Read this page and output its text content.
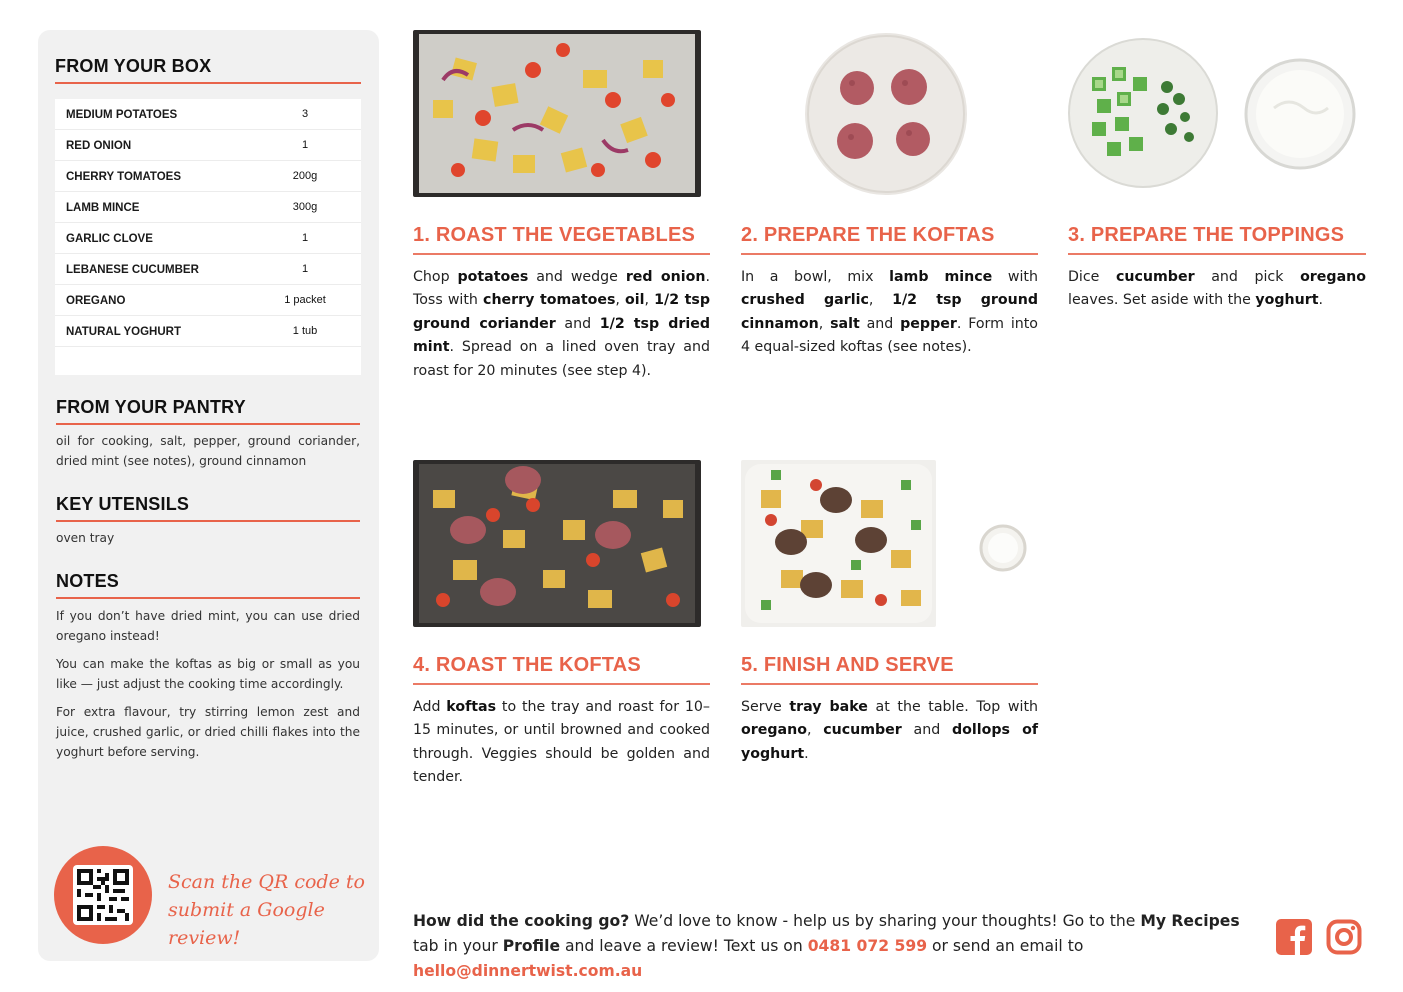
FROM YOUR BOX
MEDIUM POTATOES	3
RED ONION	1
CHERRY TOMATOES	200g
LAMB MINCE	300g
GARLIC CLOVE	1
LEBANESE CUCUMBER	1
OREGANO	1 packet
NATURAL YOGHURT	1 tub
FROM YOUR PANTRY
oil for cooking, salt, pepper, ground coriander, dried mint (see notes), ground cinnamon
KEY UTENSILS
oven tray
NOTES
If you don’t have dried mint, you can use dried oregano instead!
You can make the koftas as big or small as you like — just adjust the cooking time accordingly.
For extra flavour, try stirring lemon zest and juice, crushed garlic, or dried chilli flakes into the yoghurt before serving.
Scan the QR code to
submit a Google review!
1. ROAST THE VEGETABLES
Chop potatoes and wedge red onion. Toss with cherry tomatoes, oil, 1/2 tsp ground coriander and 1/2 tsp dried mint. Spread on a lined oven tray and roast for 20 minutes (see step 4).
2. PREPARE THE KOFTAS
In a bowl, mix lamb mince with crushed garlic, 1/2 tsp ground cinnamon, salt and pepper. Form into 4 equal-sized koftas (see notes).
3. PREPARE THE TOPPINGS
Dice cucumber and pick oregano leaves. Set aside with the yoghurt.
4. ROAST THE KOFTAS
Add koftas to the tray and roast for 10–15 minutes, or until browned and cooked through. Veggies should be golden and tender.
5. FINISH AND SERVE
Serve tray bake at the table. Top with oregano, cucumber and dollops of yoghurt.
How did the cooking go? We’d love to know - help us by sharing your thoughts! Go to the My Recipes tab in your Profile and leave a review! Text us on 0481 072 599 or send an email to hello@dinnertwist.com.au
